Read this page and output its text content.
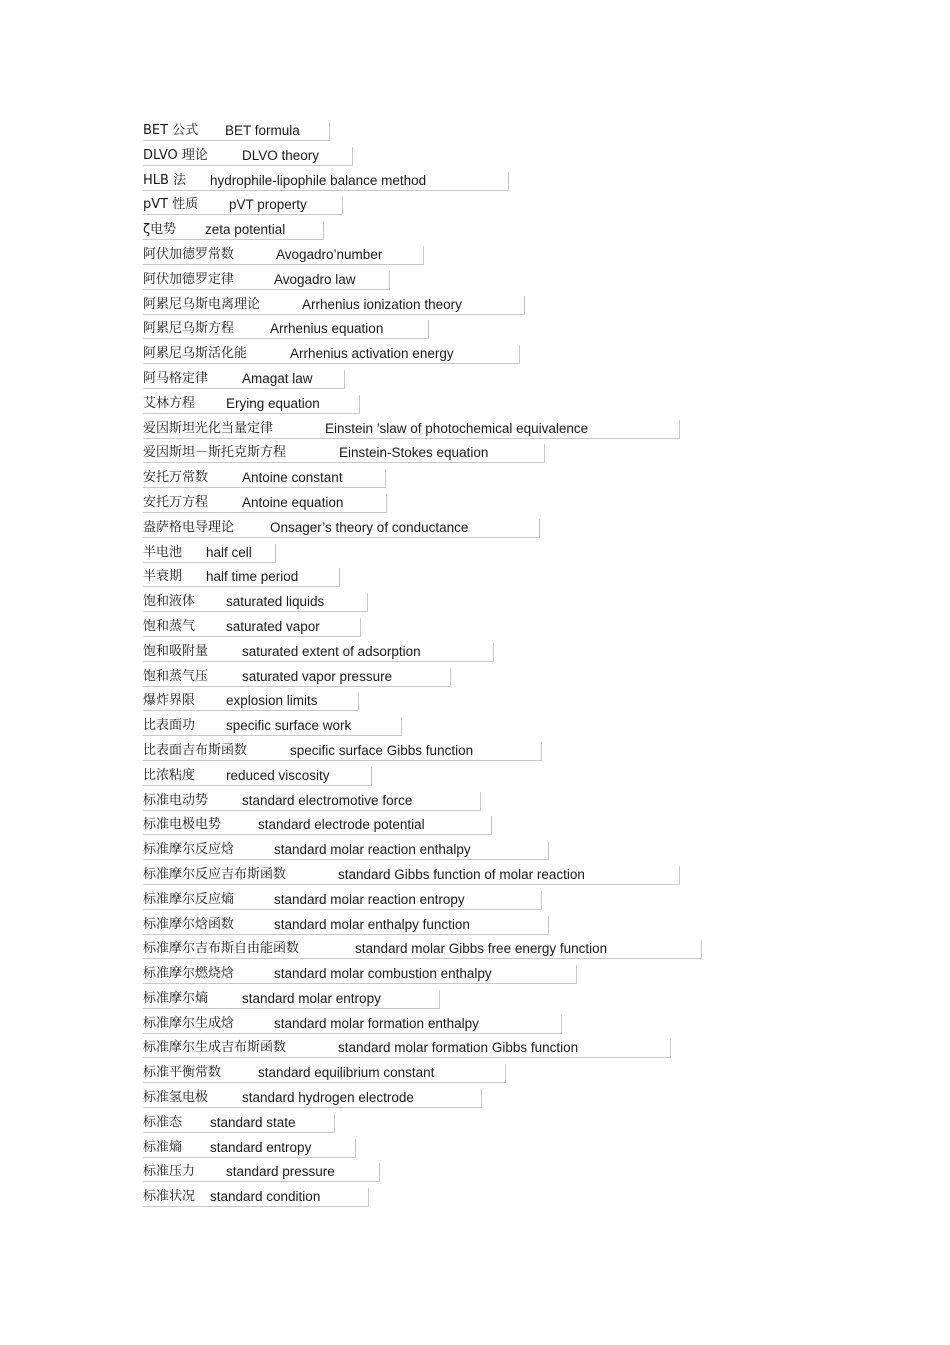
BET 公式 BET formula
DLVO 理论	DLVO theory
HLB 法 hydrophile-lipophile balance method
pVT 性质 pVT property
ζ电势 zeta potential
阿伏加德罗常数	Avogadro’number
阿伏加德罗定律	Avogadro law
阿累尼乌斯电离理论	Arrhenius ionization theory
阿累尼乌斯方程	Arrhenius equation
阿累尼乌斯活化能	Arrhenius activation energy
阿马格定律	Amagat law
艾林方程 Erying equation
爱因斯坦光化当量定律	Einstein ’slaw of photochemical equivalence
爱因斯坦－斯托克斯方程	Einstein-Stokes equation
安托万常数	Antoine constant
安托万方程	Antoine equation
盎萨格电导理论	Onsager’s theory of conductance
半电池 half cell
半衰期 half time period
饱和液体 saturated liquids
饱和蒸气 saturated vapor
饱和吸附量	saturated extent of adsorption
饱和蒸气压	saturated vapor pressure
爆炸界限 explosion limits
比表面功 specific surface work
比表面吉布斯函数	specific surface Gibbs function
比浓粘度 reduced viscosity
标准电动势	standard electromotive force
标准电极电势	standard electrode potential
标准摩尔反应焓	standard molar reaction enthalpy
标准摩尔反应吉布斯函数	standard Gibbs function of molar reaction
标准摩尔反应熵	standard molar reaction entropy
标准摩尔焓函数	standard molar enthalpy function
标准摩尔吉布斯自由能函数	standard molar Gibbs free energy function
标准摩尔燃烧焓	standard molar combustion enthalpy
标准摩尔熵	standard molar entropy
标准摩尔生成焓	standard molar formation enthalpy
标准摩尔生成吉布斯函数	standard molar formation Gibbs function
标准平衡常数	standard equilibrium constant
标准氢电极	standard hydrogen electrode
标准态 standard state
标准熵 standard entropy
标准压力 standard pressure
标准状况 standard condition
